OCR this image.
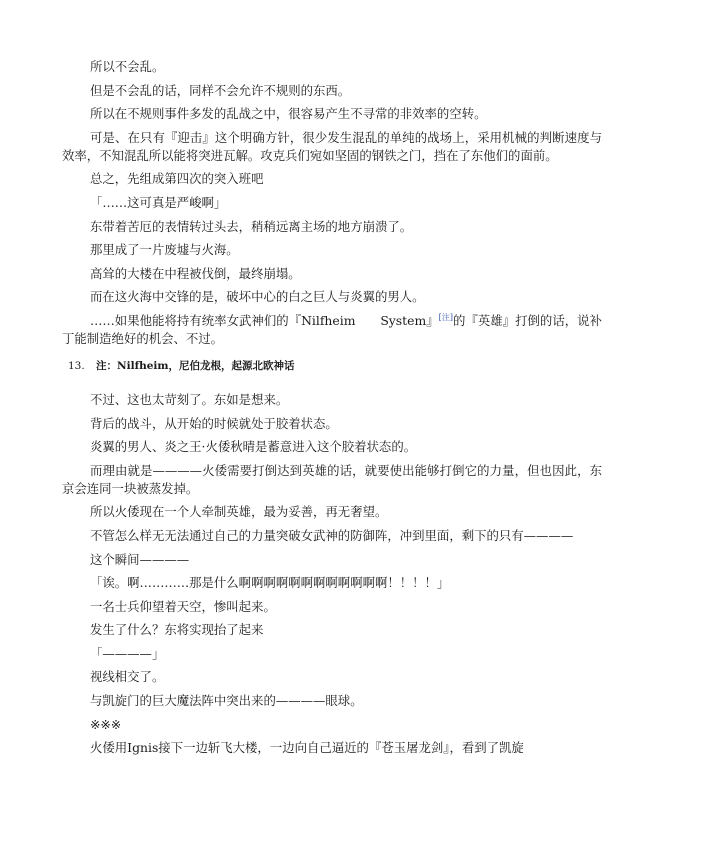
所以不会乱。

但是不会乱的话，同样不会允许不规则的东西。

所以在不规则事件多发的乱战之中，很容易产生不寻常的非效率的空转。

可是、在只有『迎击』这个明确方针，很少发生混乱的单纯的战场上，采用机械的判断速度与效率，不知混乱所以能将突进瓦解。攻克兵们宛如坚固的钢铁之门，挡在了东他们的面前。

总之，先组成第四次的突入班吧

「……这可真是严峻啊」

东带着苦厄的表情转过头去，稍稍远离主场的地方崩溃了。

那里成了一片废墟与火海。

高耸的大楼在中程被伐倒，最终崩塌。

而在这火海中交锋的是，破坏中心的白之巨人与炎翼的男人。

……如果他能将持有统率女武神们的『Nilfheim　　System』[注]的『英雄』打倒的话，说补丁能制造绝好的机会、不过。

13. 注：Nilfheim，尼伯龙根，起源北欧神话

不过、这也太苛刻了。东如是想来。

背后的战斗，从开始的时候就处于胶着状态。

炎翼的男人、炎之王·火倭秋晴是蓄意进入这个胶着状态的。

而理由就是————火倭需要打倒达到英雄的话，就要使出能够打倒它的力量，但也因此，东京会连同一块被蒸发掉。

所以火倭现在一个人牵制英雄，最为妥善，再无奢望。

不管怎么样无无法通过自己的力量突破女武神的防御阵，冲到里面，剩下的只有————

这个瞬间————

「诶。啊…………那是什么啊啊啊啊啊啊啊啊啊啊啊啊！！！！」

一名士兵仰望着天空，惨叫起来。

发生了什么？东将实现抬了起来

「————」

视线相交了。

与凯旋门的巨大魔法阵中突出来的————眼球。

※※※

火倭用Ignis接下一边斩飞大楼，一边向自己逼近的『苍玉屠龙剑』，看到了凯旋
